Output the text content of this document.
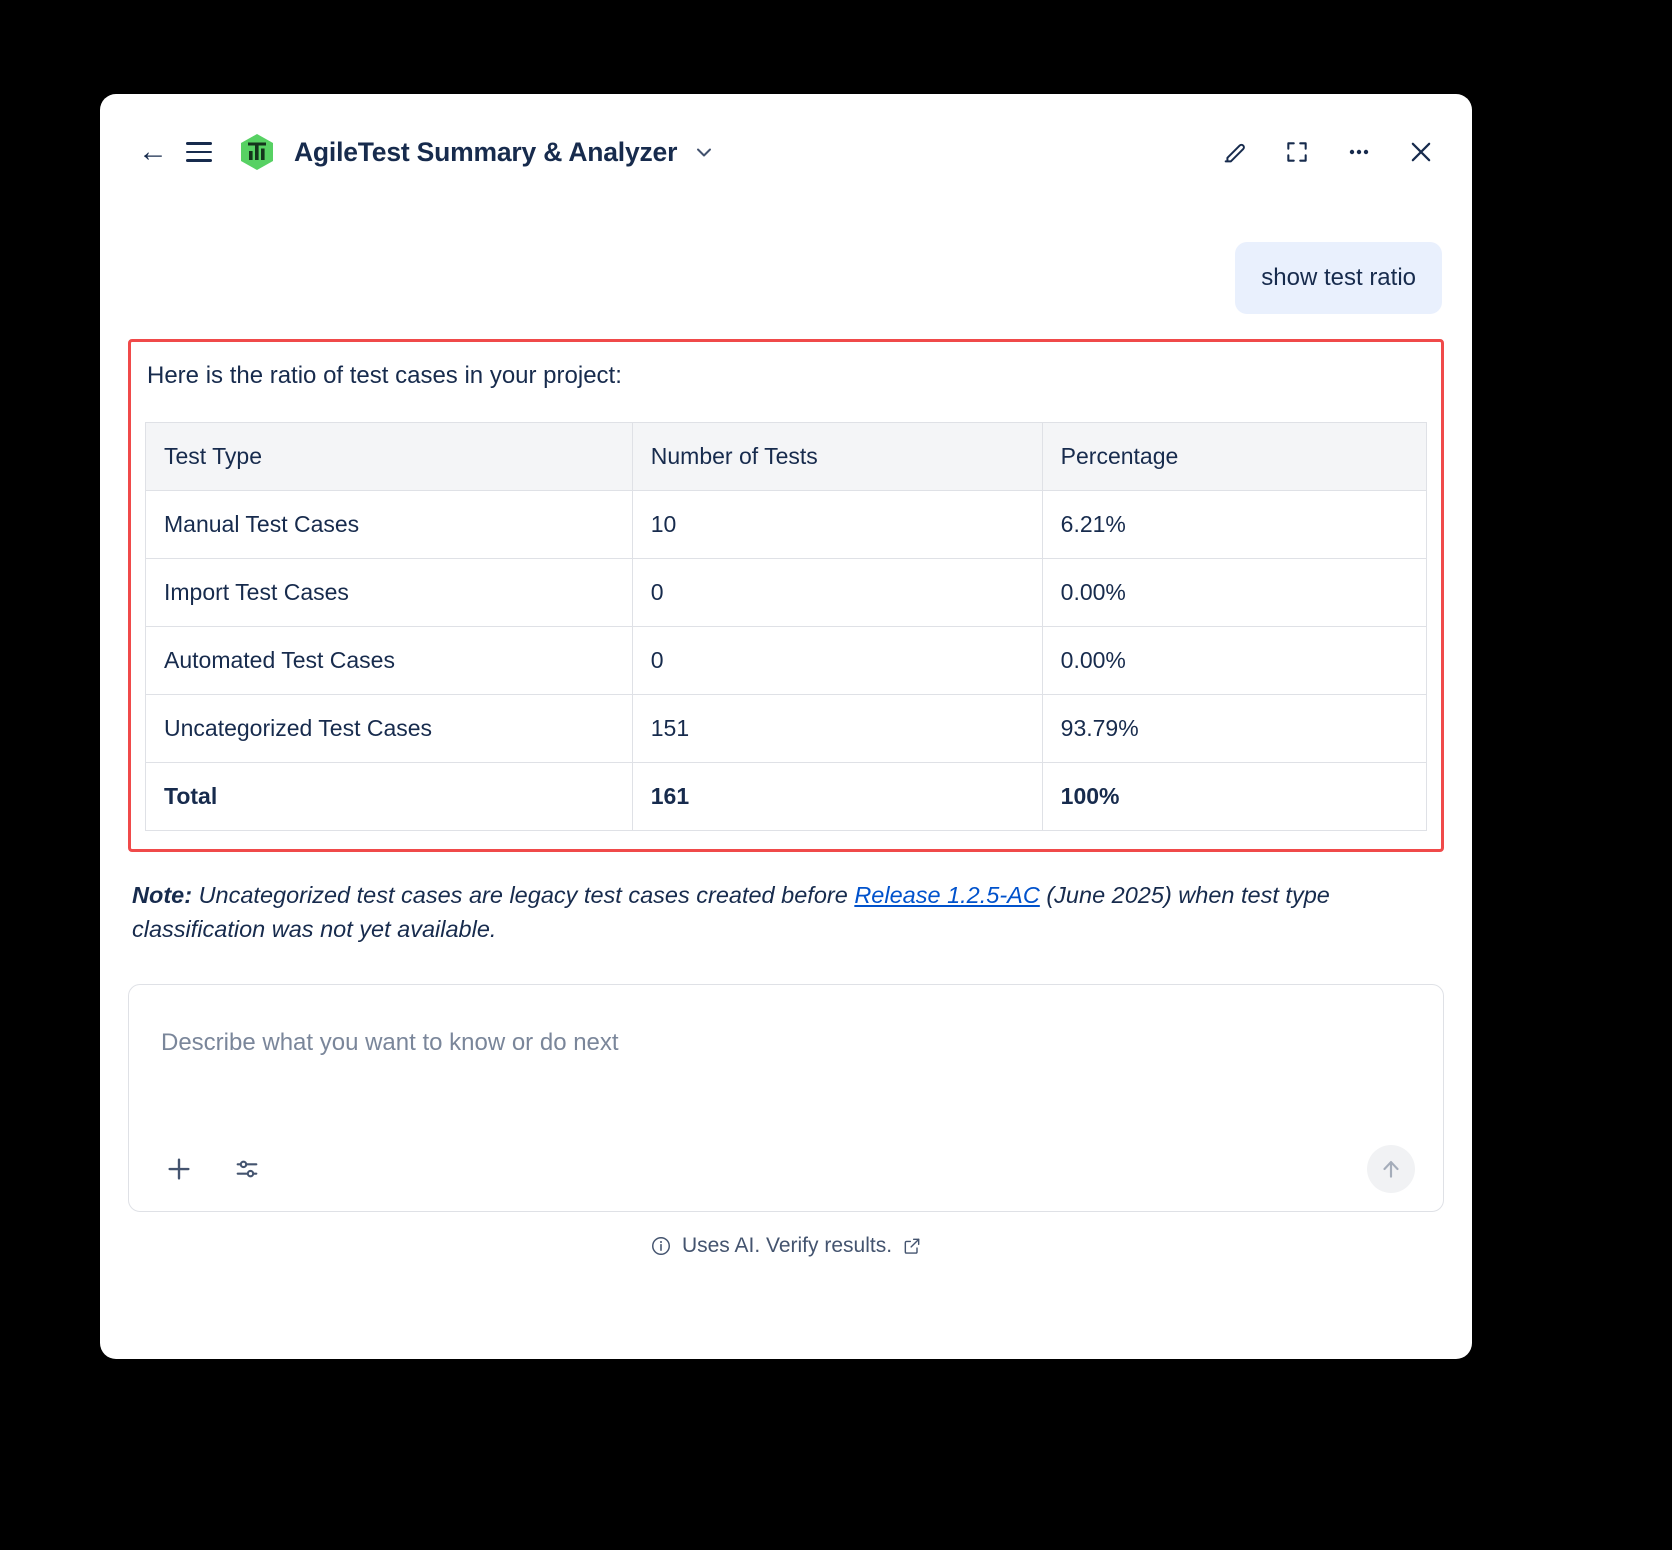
←	AgileTest Summary & Analyzer
show test ratio
Here is the ratio of test cases in your project:
Test Type	Number of Tests	Percentage
Manual Test Cases	10	6.21%
Import Test Cases	0	0.00%
Automated Test Cases	0	0.00%
Uncategorized Test Cases	151	93.79%
Total	161	100%
Note: Uncategorized test cases are legacy test cases created before Release 1.2.5-AC (June 2025) when test type classification was not yet available.
Describe what you want to know or do next
Uses AI. Verify results.
